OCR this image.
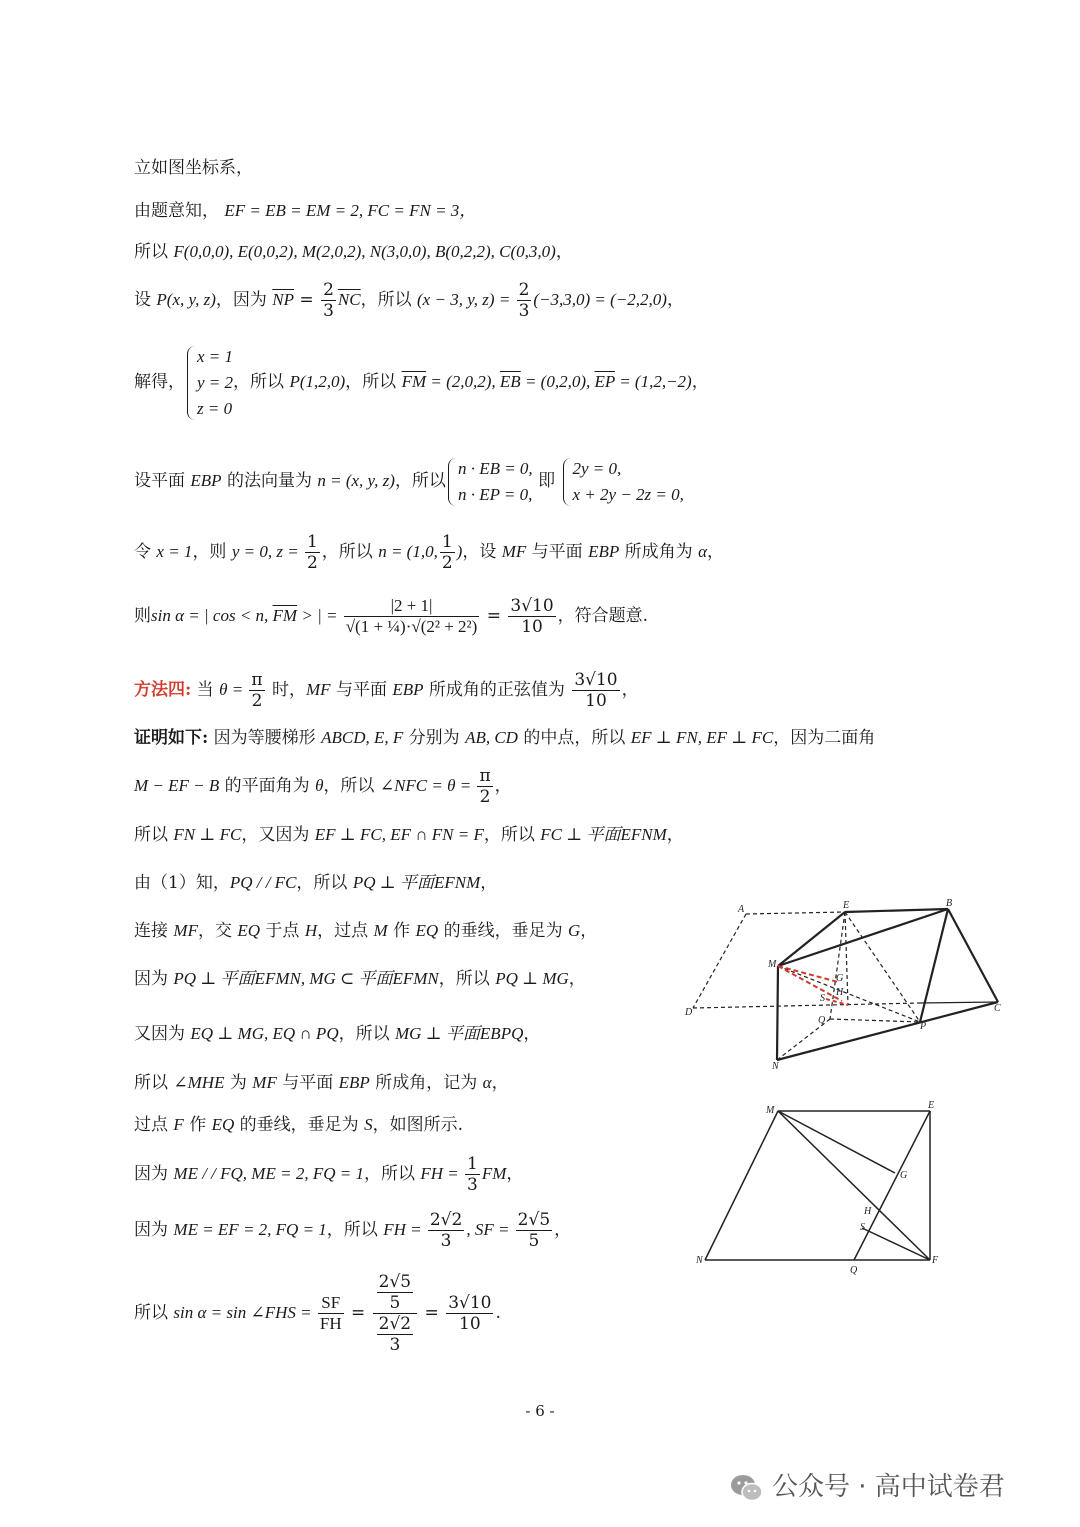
立如图坐标系，
由题意知， EF = EB = EM = 2, FC = FN = 3，
所以 F(0,0,0), E(0,0,2), M(2,0,2), N(3,0,0), B(0,2,2), C(0,3,0)，
设 P(x, y, z)，因为 $\overline{NP} = \frac{2}{3} \overline{NC}$，所以 (x − 3, y, $z) = \frac{2}{3} (-3,3,0) = (-2,2,0)$，
解得，
x = 1
y = 2
z = 0
，所以 P(1,2,0)，所以 $\overline{FM} = (2,0,2)$, $\overline{EB} = (0,2,0)$, $\overline{EP} = (1,2,-2)$，
设平面 EBP 的法向量为 n = (x, y, z)，所以
n · EB = 0,
n · EP = 0,
即
2y = 0,
x + 2y − 2z = 0,
令 x = 1，则 y = 0, $z = \frac{1}{2}$ ，所以 n = (1,0, $\frac{1}{2}$ )，设 MF 与平面 EBP 所成角为 α，
则sin α = | cos < n, $\overline{FM}$ > | = $\frac{|2 + 1|}{\text{√(1 + ¼)·√(2² + 2²)}} = \frac{3√10}{10}$ ，符合题意.
方法四: 当 $\theta = \frac{\pi}{2}$ 时，MF 与平面 EBP 所成角的正弦值为 $\frac{3√10}{10}$ ，
证明如下: 因为等腰梯形 ABCD, E, F 分别为 AB, CD 的中点，所以 EF ⊥ FN, EF ⊥ FC，因为二面角
M − EF − B 的平面角为 θ，所以 ∠NFC = $\theta = \frac{\pi}{2}$ ，
所以 FN ⊥ FC，又因为 EF ⊥ FC, EF ∩ FN = F，所以 FC ⊥ 平面EFNM，
由（1）知，PQ / / FC，所以 PQ ⊥ 平面EFNM，
连接 MF，交 EQ 于点 H，过点 M 作 EQ 的垂线，垂足为 G，
因为 PQ ⊥ 平面EFMN, MG ⊂ 平面EFMN，所以 PQ ⊥ MG，
又因为 EQ ⊥ MG, EQ ∩ PQ，所以 MG ⊥ 平面EBPQ，
所以 ∠MHE 为 MF 与平面 EBP 所成角，记为 α，
过点 F 作 EQ 的垂线，垂足为 S，如图所示.
因为 ME / / FQ, ME = 2, FQ = 1，所以 FH = $\frac{1}{3}$ FM，
因为 ME = EF = 2, FQ = 1，所以 FH = $\frac{2√2}{3}$ , SF = $\frac{2√5}{5}$ ，
所以 sin α = sin ∠FHS = $\frac{SF}{FH} = \frac{\frac{2√5}{5}}{\frac{2√2}{3}} = \frac{3√10}{10}$ .
A	E	B
M
G
H
S
D
Q
P
C
N
M	E
G
H
S
N
Q
F
- 6 -
公众号 · 高中试卷君
